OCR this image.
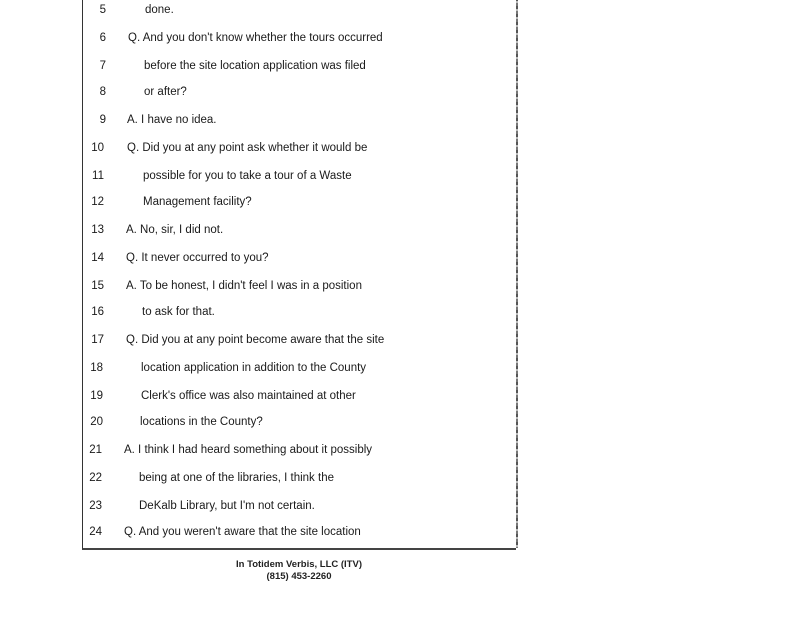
5	done.
6 Q. And you don't know whether the tours occurred
7	before the site location application was filed
8	or after?
9 A. I have no idea.
10 Q. Did you at any point ask whether it would be
11	possible for you to take a tour of a Waste
12	Management facility?
13 A. No, sir, I did not.
14 Q. It never occurred to you?
15 A. To be honest, I didn't feel I was in a position
16	to ask for that.
17 Q. Did you at any point become aware that the site
18	location application in addition to the County
19	Clerk's office was also maintained at other
20	locations in the County?
21 A. I think I had heard something about it possibly
22	being at one of the libraries, I think the
23	DeKalb Library, but I'm not certain.
24 Q. And you weren't aware that the site location
In Totidem Verbis, LLC (ITV)
(815) 453-2260
